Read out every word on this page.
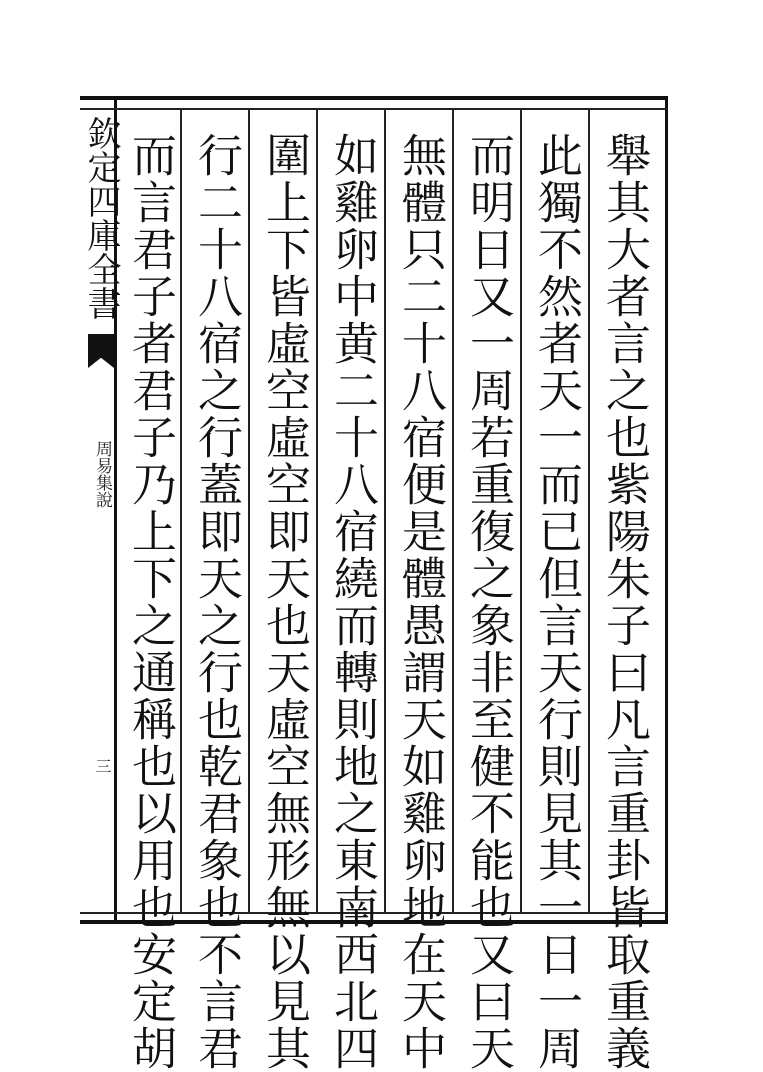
欽定四庫全書
周易集說
三	舉其大者言之也紫陽朱子曰凡言重卦皆取重義
此獨不然者天一而已但言天行則見其一日一周
而明日又一周若重復之象非至健不能也又曰天
無體只二十八宿便是體愚謂天如雞卵地在天中
如雞卵中黄二十八宿繞而轉則地之東南西北四
圍上下皆虛空虛空即天也天虛空無形無以見其
行二十八宿之行蓋即天之行也乾君象也不言君
而言君子者君子乃上下之通稱也以用也安定胡
